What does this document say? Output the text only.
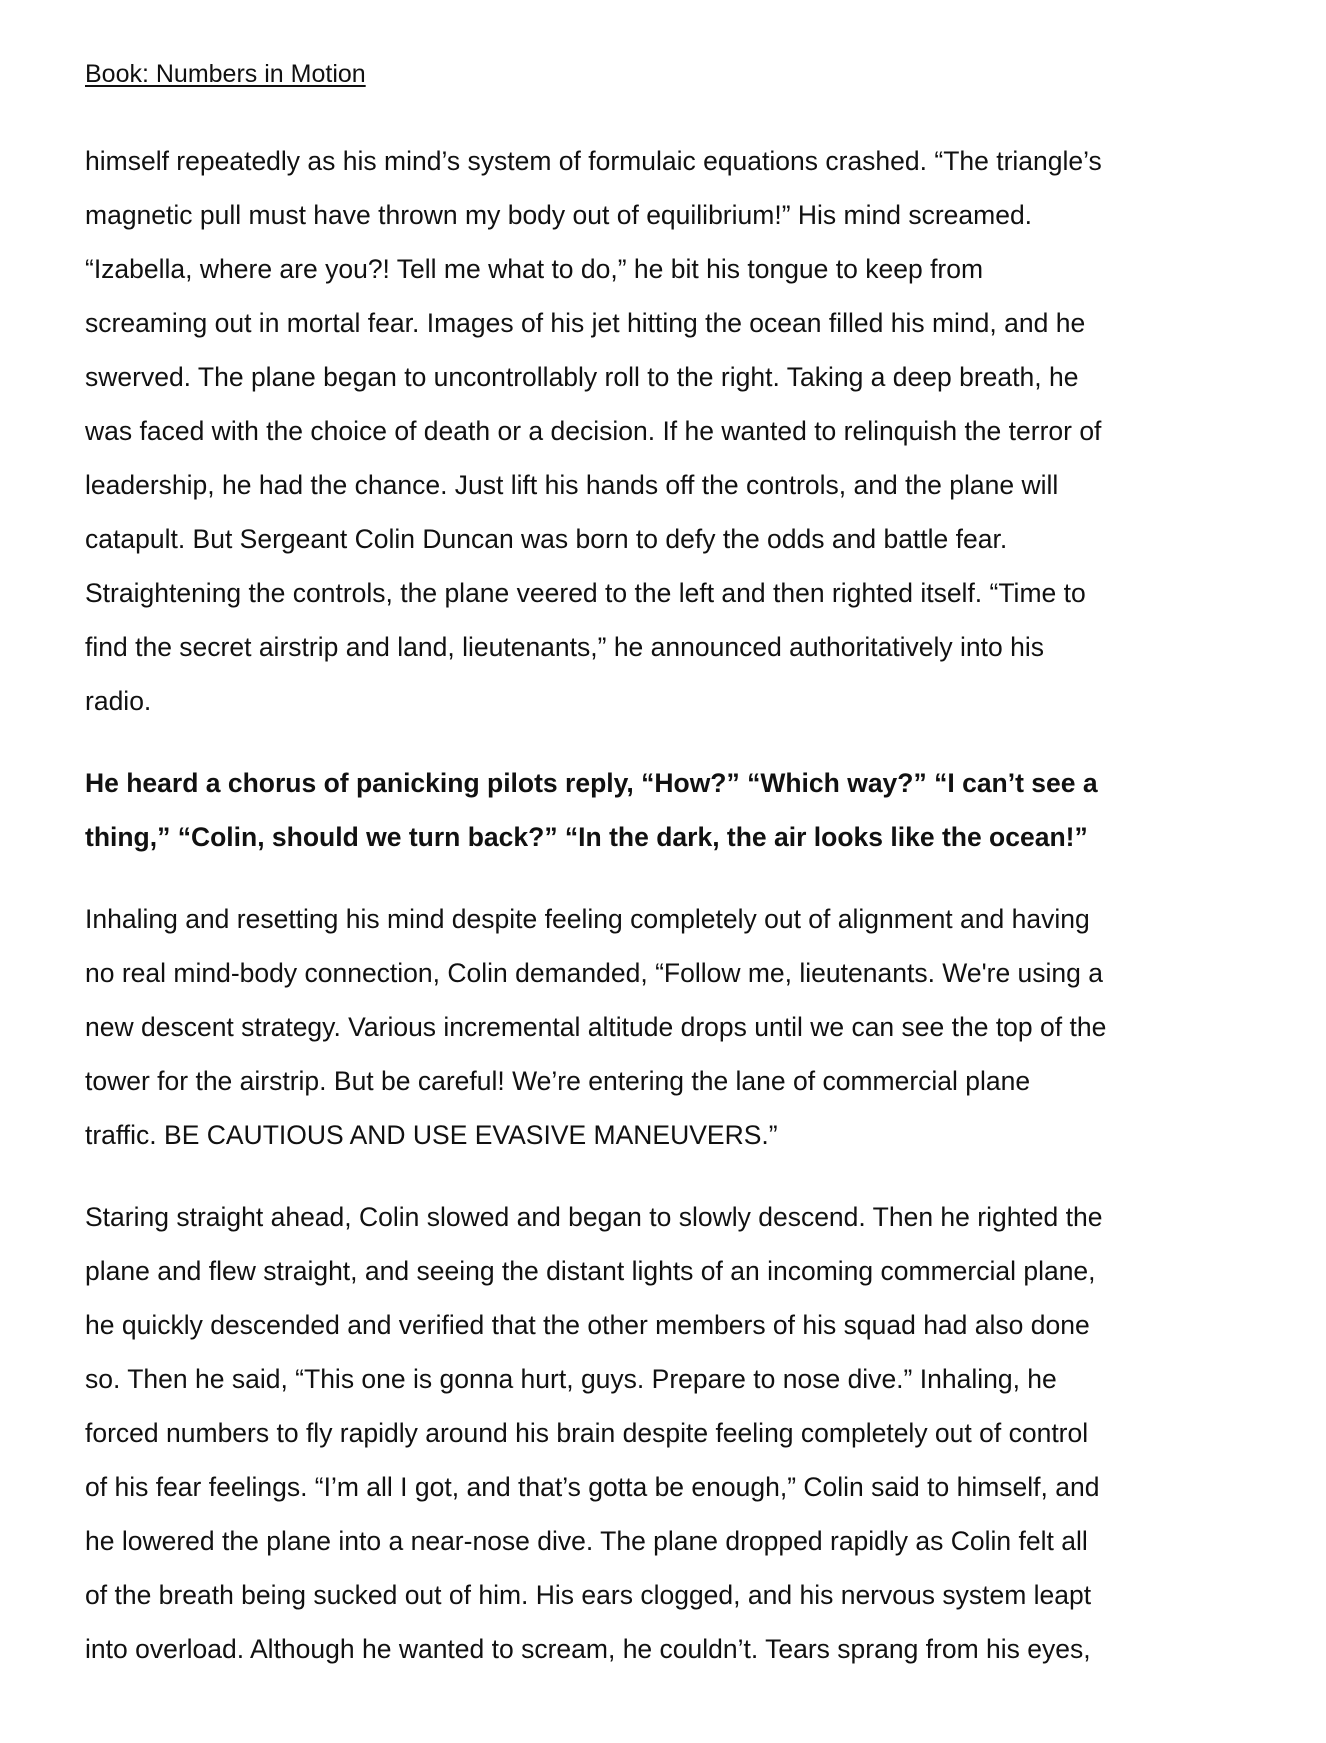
Book: Numbers in Motion

himself repeatedly as his mind’s system of formulaic equations crashed. “The triangle’s
magnetic pull must have thrown my body out of equilibrium!” His mind screamed.
“Izabella, where are you?! Tell me what to do,” he bit his tongue to keep from
screaming out in mortal fear. Images of his jet hitting the ocean filled his mind, and he
swerved. The plane began to uncontrollably roll to the right. Taking a deep breath, he
was faced with the choice of death or a decision. If he wanted to relinquish the terror of
leadership, he had the chance. Just lift his hands off the controls, and the plane will
catapult. But Sergeant Colin Duncan was born to defy the odds and battle fear.
Straightening the controls, the plane veered to the left and then righted itself. “Time to
find the secret airstrip and land, lieutenants,” he announced authoritatively into his
radio.

He heard a chorus of panicking pilots reply, “How?” “Which way?” “I can’t see a
thing,” “Colin, should we turn back?” “In the dark, the air looks like the ocean!”

Inhaling and resetting his mind despite feeling completely out of alignment and having
no real mind-body connection, Colin demanded, “Follow me, lieutenants. We're using a
new descent strategy. Various incremental altitude drops until we can see the top of the
tower for the airstrip. But be careful! We’re entering the lane of commercial plane
traffic. BE CAUTIOUS AND USE EVASIVE MANEUVERS.”

Staring straight ahead, Colin slowed and began to slowly descend. Then he righted the
plane and flew straight, and seeing the distant lights of an incoming commercial plane,
he quickly descended and verified that the other members of his squad had also done
so. Then he said, “This one is gonna hurt, guys. Prepare to nose dive.” Inhaling, he
forced numbers to fly rapidly around his brain despite feeling completely out of control
of his fear feelings. “I’m all I got, and that’s gotta be enough,” Colin said to himself, and
he lowered the plane into a near-nose dive. The plane dropped rapidly as Colin felt all
of the breath being sucked out of him. His ears clogged, and his nervous system leapt
into overload. Although he wanted to scream, he couldn’t. Tears sprang from his eyes,
